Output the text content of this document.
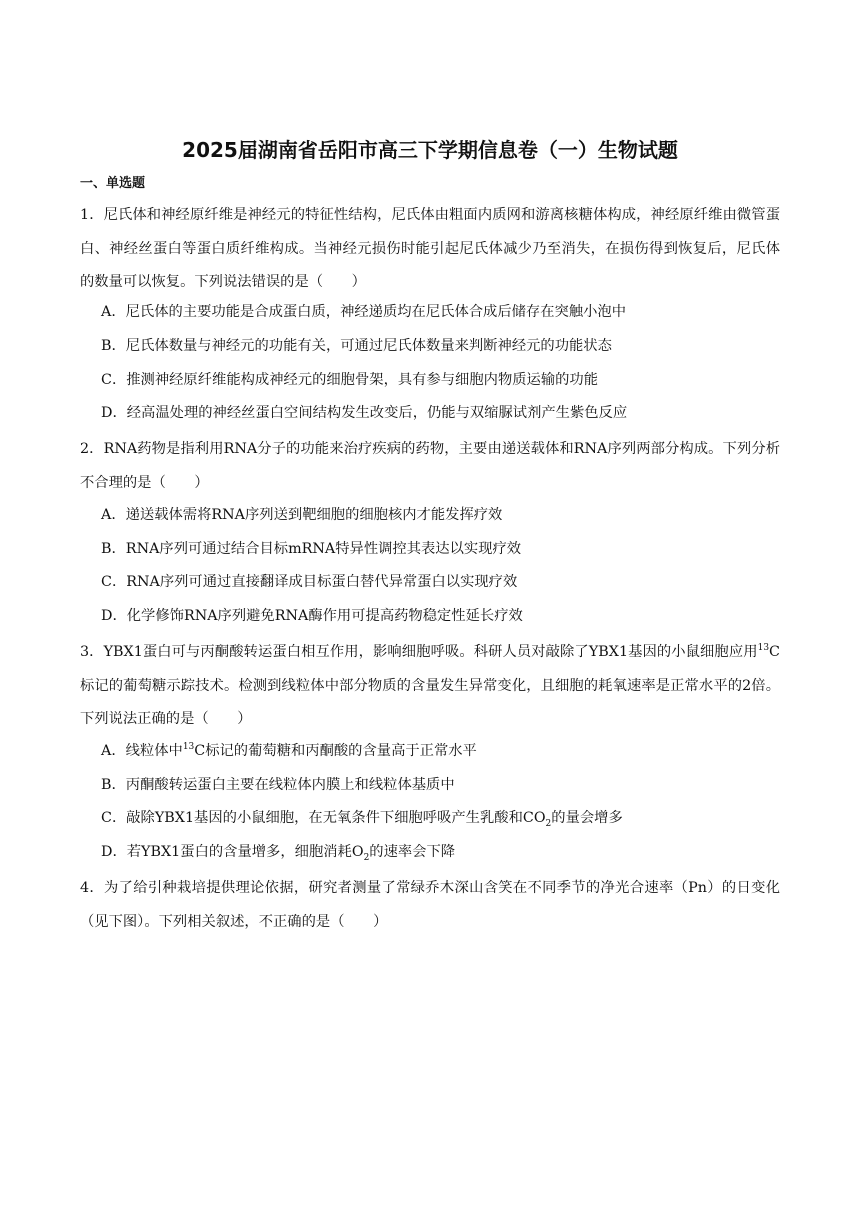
2025届湖南省岳阳市高三下学期信息卷（一）生物试题
一、单选题

1．尼氏体和神经原纤维是神经元的特征性结构，尼氏体由粗面内质网和游离核糖体构成，神经原纤维由微管蛋白、神经丝蛋白等蛋白质纤维构成。当神经元损伤时能引起尼氏体减少乃至消失，在损伤得到恢复后，尼氏体的数量可以恢复。下列说法错误的是（　　）

A．尼氏体的主要功能是合成蛋白质，神经递质均在尼氏体合成后储存在突触小泡中
B．尼氏体数量与神经元的功能有关，可通过尼氏体数量来判断神经元的功能状态
C．推测神经原纤维能构成神经元的细胞骨架，具有参与细胞内物质运输的功能
D．经高温处理的神经丝蛋白空间结构发生改变后，仍能与双缩脲试剂产生紫色反应

2．RNA药物是指利用RNA分子的功能来治疗疾病的药物，主要由递送载体和RNA序列两部分构成。下列分析不合理的是（　　）

A．递送载体需将RNA序列送到靶细胞的细胞核内才能发挥疗效
B．RNA序列可通过结合目标mRNA特异性调控其表达以实现疗效
C．RNA序列可通过直接翻译成目标蛋白替代异常蛋白以实现疗效
D．化学修饰RNA序列避免RNA酶作用可提高药物稳定性延长疗效

3．YBX1蛋白可与丙酮酸转运蛋白相互作用，影响细胞呼吸。科研人员对敲除了YBX1基因的小鼠细胞应用$^{13}$C标记的葡萄糖示踪技术。检测到线粒体中部分物质的含量发生异常变化，且细胞的耗氧速率是正常水平的2倍。下列说法正确的是（　　）

A．线粒体中$^{13}$C标记的葡萄糖和丙酮酸的含量高于正常水平
B．丙酮酸转运蛋白主要在线粒体内膜上和线粒体基质中
C．敲除YBX1基因的小鼠细胞，在无氧条件下细胞呼吸产生乳酸和$CO_2$的量会增多
D．若YBX1蛋白的含量增多，细胞消耗$O_2$的速率会下降

4．为了给引种栽培提供理论依据，研究者测量了常绿乔木深山含笑在不同季节的净光合速率（Pn）的日变化（见下图）。下列相关叙述，不正确的是（　　）
